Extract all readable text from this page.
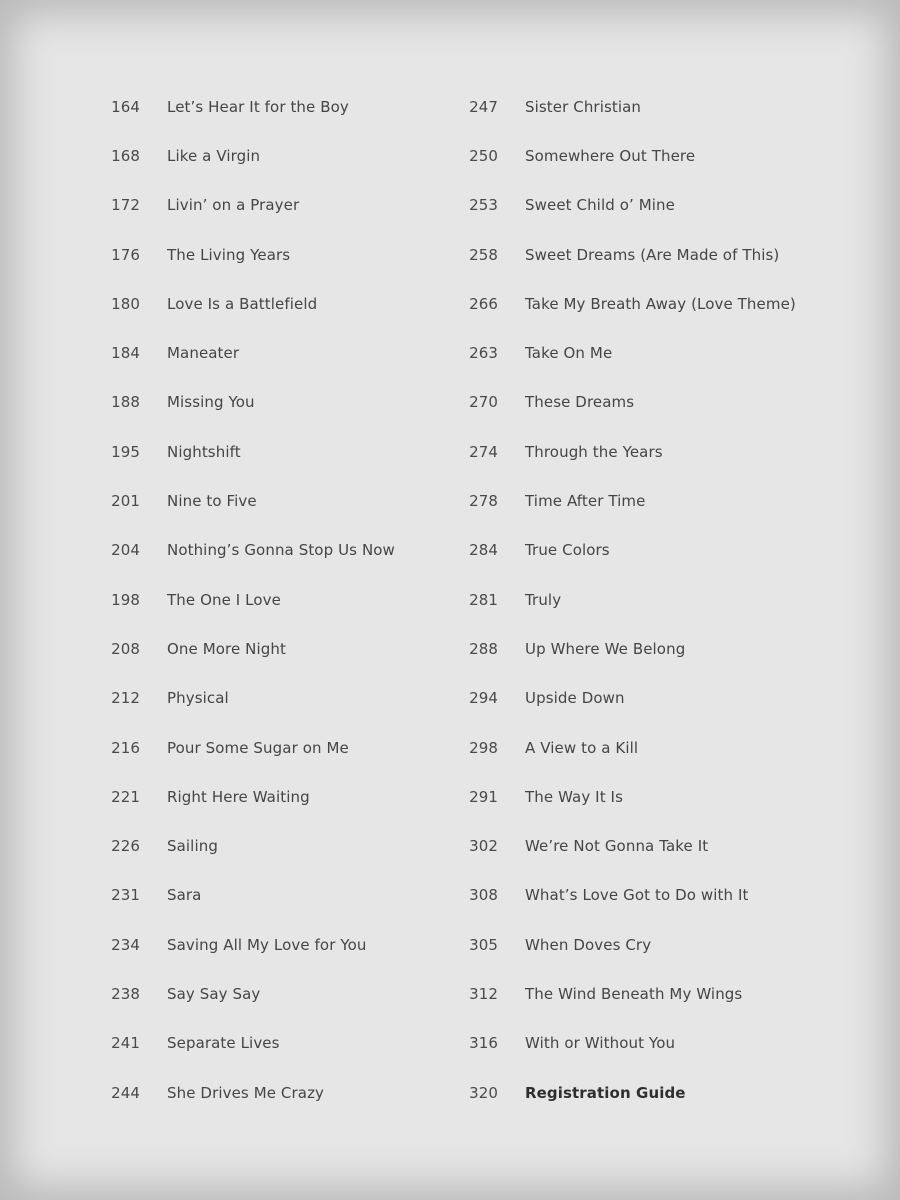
164 Let’s Hear It for the Boy
168 Like a Virgin
172 Livin’ on a Prayer
176 The Living Years
180 Love Is a Battlefield
184 Maneater
188 Missing You
195 Nightshift
201 Nine to Five
204 Nothing’s Gonna Stop Us Now
198 The One I Love
208 One More Night
212 Physical
216 Pour Some Sugar on Me
221 Right Here Waiting
226 Sailing
231 Sara
234 Saving All My Love for You
238 Say Say Say
241 Separate Lives
244 She Drives Me Crazy
247 Sister Christian
250 Somewhere Out There
253 Sweet Child o’ Mine
258 Sweet Dreams (Are Made of This)
266 Take My Breath Away (Love Theme)
263 Take On Me
270 These Dreams
274 Through the Years
278 Time After Time
284 True Colors
281 Truly
288 Up Where We Belong
294 Upside Down
298 A View to a Kill
291 The Way It Is
302 We’re Not Gonna Take It
308 What’s Love Got to Do with It
305 When Doves Cry
312 The Wind Beneath My Wings
316 With or Without You
320 Registration Guide
